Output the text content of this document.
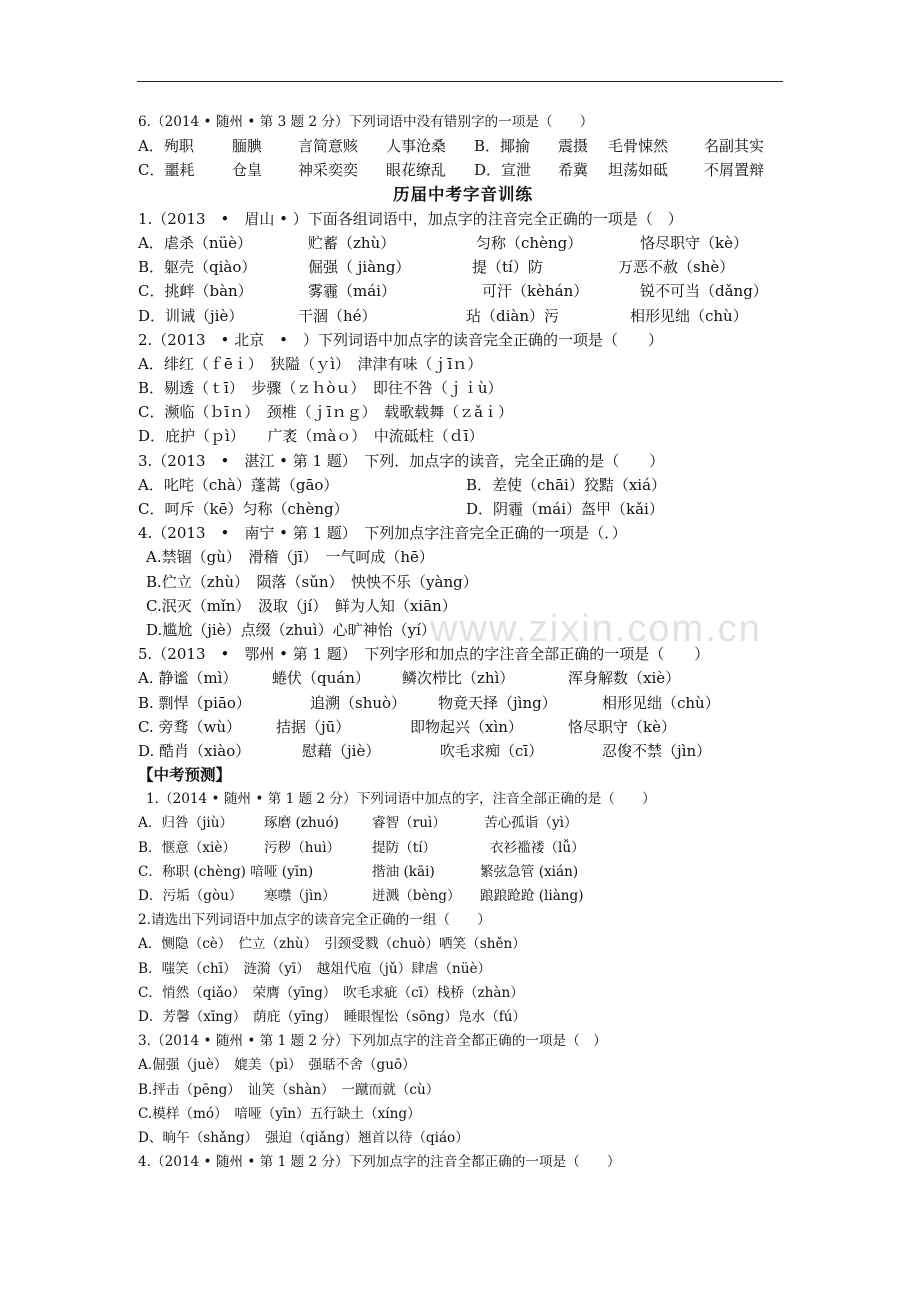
www.zixin.com.cn
6.（2014 • 随州 • 第 3 题 2 分）下列词语中没有错别字的一项是（　　）
A．殉职	腼腆 言简意赅 人事沧桑 B．揶揄 震摄 毛骨悚然 名副其实
C．噩耗	仓皇 神采奕奕 眼花缭乱 D．宣泄 希冀 坦荡如砥 不屑置辩
历届中考字音训练
1.（2013　•　眉山 • ）下面各组词语中，加点字的注音完全正确的一项是（　）
A．虐杀（nüè）	贮蓄（zhù）	匀称（chèng）	恪尽职守（kè）
B．躯壳（qiào）	倔强（ jiàng）	提（tí）防	万恶不赦（shè）
C．挑衅（bàn）	雾霾（mái）	可汗（kèhán）	锐不可当（dǎng）
D．训诫（jiè）	干涸（hé）	玷（diàn）污	相形见绌（chù）
2.（2013　• 北京　•　）下列词语中加点字的读音完全正确的一项是（　　）
A．绯红（ｆēｉ）　狭隘（ｙì）　津津有味（ｊīｎ）
B．剔透（ｔī）　步骤（ｚｈòｕ）　即往不咎（ｊｉù）
C．濒临（ｂīｎ）　颈椎（ｊīｎｇ）　载歌载舞（ｚǎｉ）
D．庇护（ｐì）　　广袤（ｍàｏ）　中流砥柱（ｄī）
3.（2013　•　湛江 • 第 1 题）　下列．加点字的读音，完全正确的是（　　）
A．叱咤（chà）蓬蒿（gāo）	B．差使（chāi）狡黠（xiá）
C．呵斥（kē）匀称（chèng）	D．阴霾（mái）盔甲（kǎi）
4.（2013　•　南宁 • 第 1 题）　下列加点字注音完全正确的一项是（．）
A.禁锢（gù）　滑稽（jī）　一气呵成（hē）
B.伫立（zhù）　陨落（sǔn）　怏怏不乐（yàng）
C.泯灭（mǐn）　汲取（jí）　鲜为人知（xiān）
D.尴尬（jiè）点缀（zhuì）心旷神怡（yí）
5.（2013　•　鄂州 • 第 1 题）　下列字形和加点的字注音全部正确的一项是（　　）
A. 静谧（mì） 蜷伏（quán） 鳞次栉比（zhì）	浑身解数（xiè）
B. 剽悍（piāo）	追溯（shuò） 物竟天择（jìng）	相形见绌（chù）
C. 旁骛（wù） 拮据（jū）	即物起兴（xìn）	恪尽职守（kè）
D. 酷肖（xiào）	慰藉（jiè）	吹毛求痴（cī）	忍俊不禁（jìn）
【中考预测】
1.（2014 • 随州 • 第 1 题 2 分）下列词语中加点的字，注音全部正确的是（　　）
A．归咎（jiù） 琢磨 (zhuó) 睿智（ruì）	苦心孤诣（yì）
B．惬意（xiè） 污秽（huì） 提防（tí）	衣衫褴褛（lǚ）
C．称职 (chèng) 喑哑 (yīn)	揩油 (kāi)	繁弦急管 (xián)
D．污垢（gòu） 寒噤（jìn）	迸溅（bèng） 踉踉跄跄 (liàng)
2.请选出下列词语中加点字的读音完全正确的一组（　　）
A．恻隐（cè）　伫立（zhù）　引颈受戮（chuò）哂笑（shěn）
B．嗤笑（chī）　涟漪（yī）　越俎代庖（jǔ）肆虐（nüè）
C．悄然（qiǎo）　荣膺（yīng）　吹毛求疵（cī）栈桥（zhàn）
D．芳馨（xīng）　荫庇（yīng）　睡眼惺忪（sōng）凫水（fú）
3.（2014 • 随州 • 第 1 题 2 分）下列加点字的注音全都正确的一项是（　）
A.倔强（juè）　媲美（pì）　强聒不舍（guō）
B.抨击（pēng）　讪笑（shàn）　一蹴而就（cù）
C.模样（mó）　喑哑（yīn）五行缺土（xíng）
D、晌午（shǎng）　强迫（qiǎng）翘首以待（qiáo）
4.（2014 • 随州 • 第 1 题 2 分）下列加点字的注音全都正确的一项是（　　）
